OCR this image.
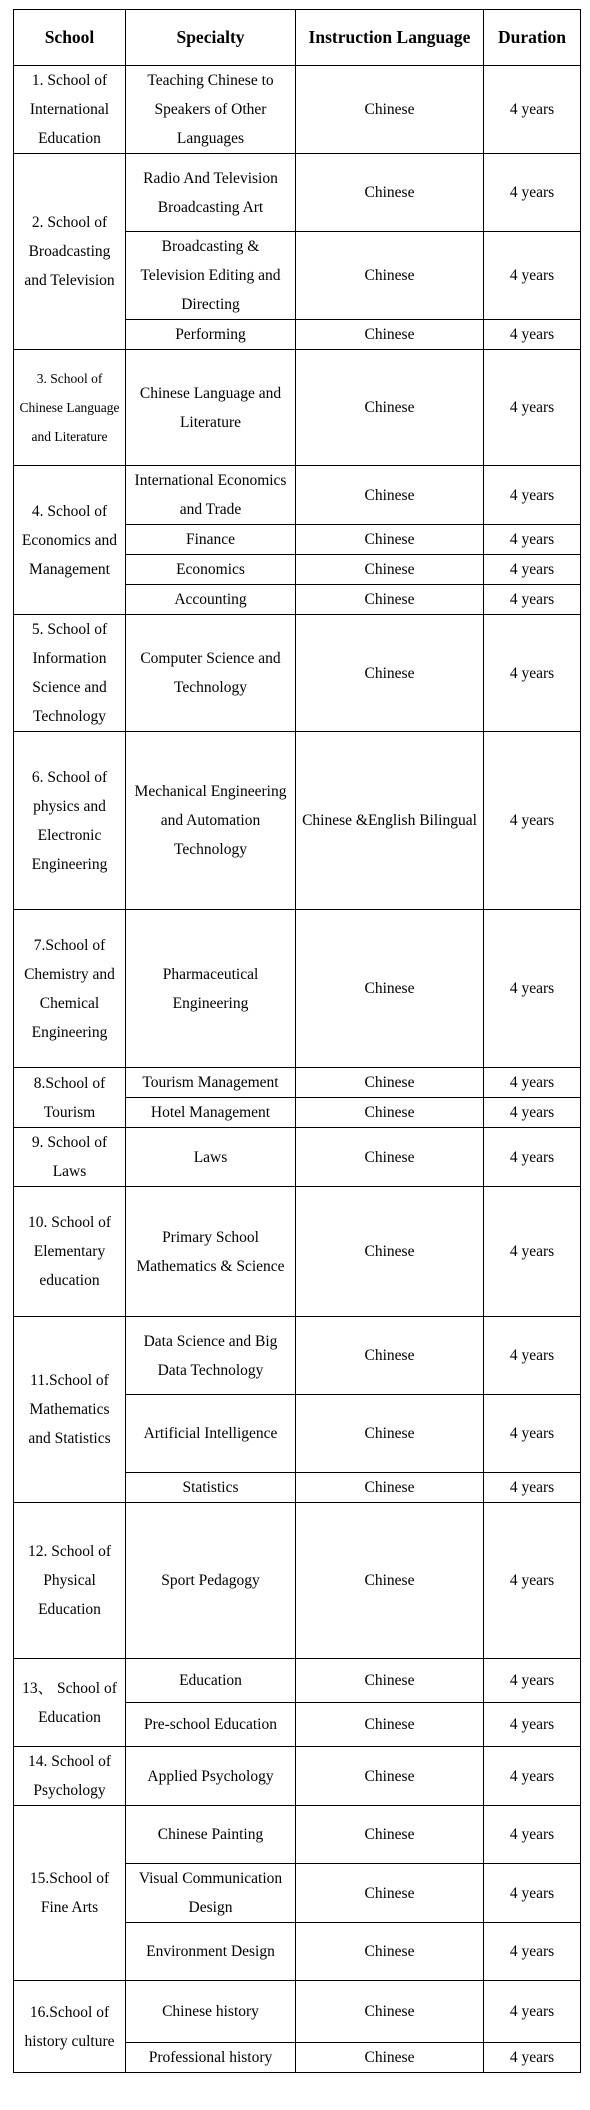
School	Specialty	Instruction Language	Duration
1. School of International Education	Teaching Chinese to Speakers of Other Languages	Chinese	4 years
2. School of Broadcasting and Television	Radio And Television Broadcasting Art	Chinese	4 years
	Broadcasting & Television Editing and Directing	Chinese	4 years
	Performing	Chinese	4 years
3. School of Chinese Language and Literature	Chinese Language and Literature	Chinese	4 years
4. School of Economics and Management	International Economics and Trade	Chinese	4 years
	Finance	Chinese	4 years
	Economics	Chinese	4 years
	Accounting	Chinese	4 years
5. School of Information Science and Technology	Computer Science and Technology	Chinese	4 years
6. School of physics and Electronic Engineering	Mechanical Engineering and Automation Technology	Chinese &English Bilingual	4 years
7.School of Chemistry and Chemical Engineering	Pharmaceutical Engineering	Chinese	4 years
8.School of Tourism	Tourism Management	Chinese	4 years
	Hotel Management	Chinese	4 years
9. School of Laws	Laws	Chinese	4 years
10. School of Elementary education	Primary School Mathematics & Science	Chinese	4 years
11.School of Mathematics and Statistics	Data Science and Big Data Technology	Chinese	4 years
	Artificial Intelligence	Chinese	4 years
	Statistics	Chinese	4 years
12. School of Physical Education	Sport Pedagogy	Chinese	4 years
13、 School of Education	Education	Chinese	4 years
	Pre-school Education	Chinese	4 years
14. School of Psychology	Applied Psychology	Chinese	4 years
15.School of Fine Arts	Chinese Painting	Chinese	4 years
	Visual Communication Design	Chinese	4 years
	Environment Design	Chinese	4 years
16.School of history culture	Chinese history	Chinese	4 years
	Professional history	Chinese	4 years
